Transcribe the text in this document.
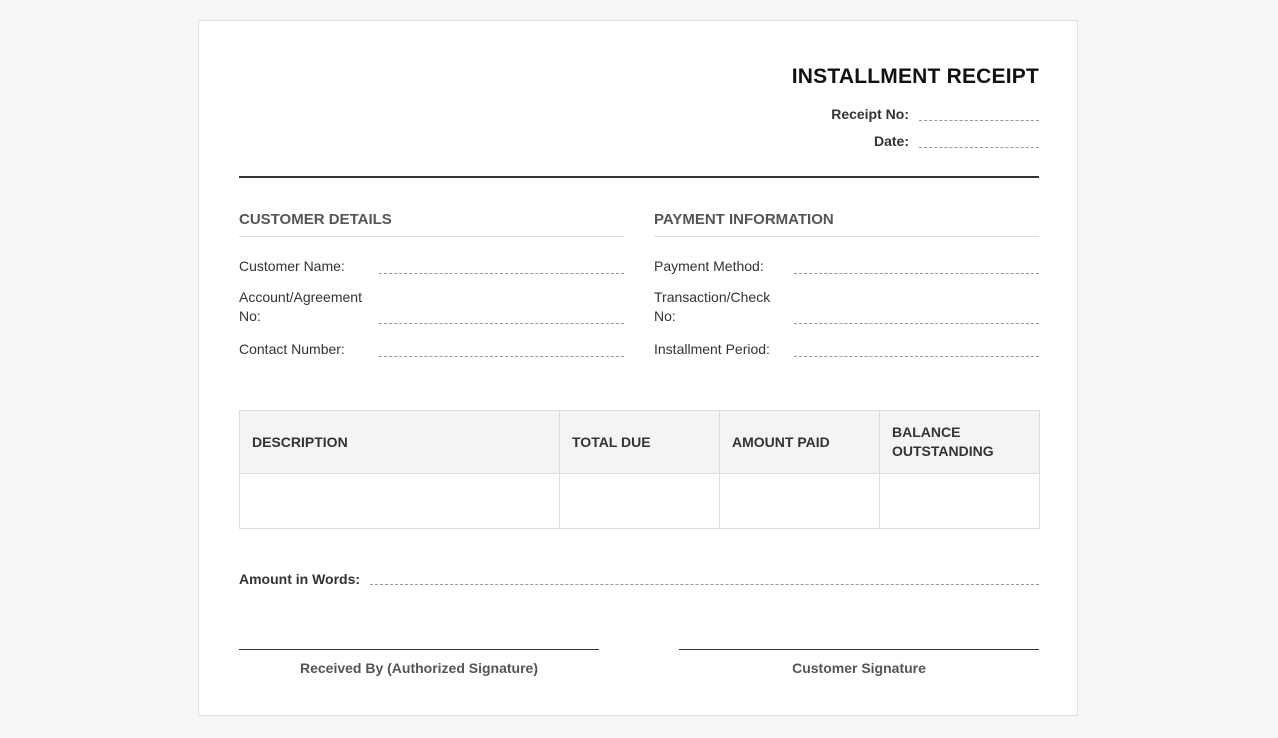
INSTALLMENT RECEIPT
Receipt No:
Date:
CUSTOMER DETAILS
Customer Name:
Account/Agreement No:
Contact Number:
PAYMENT INFORMATION
Payment Method:
Transaction/Check No:
Installment Period:
DESCRIPTION	TOTAL DUE	AMOUNT PAID	BALANCE OUTSTANDING

Amount in Words:
Received By (Authorized Signature)	Customer Signature
